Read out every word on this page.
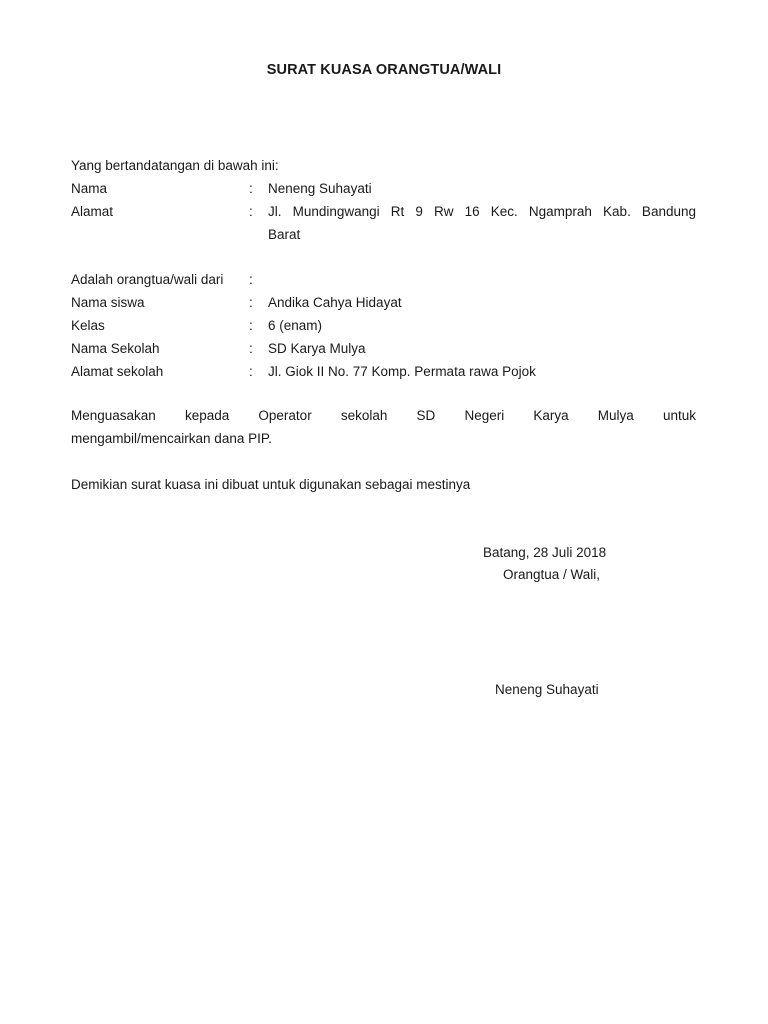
SURAT KUASA ORANGTUA/WALI
Yang bertandatangan di bawah ini:
Nama	: Neneng Suhayati
Alamat	: Jl. Mundingwangi Rt 9 Rw 16 Kec. Ngamprah Kab. Bandung
Barat
Adalah orangtua/wali dari :
Nama siswa	: Andika Cahya Hidayat
Kelas	: 6 (enam)
Nama Sekolah	: SD Karya Mulya
Alamat sekolah	: Jl. Giok II No. 77 Komp. Permata rawa Pojok
Menguasakan kepada Operator sekolah SD Negeri Karya Mulya untuk
mengambil/mencairkan dana PIP.
Demikian surat kuasa ini dibuat untuk digunakan sebagai mestinya
Batang, 28 Juli 2018
Orangtua / Wali,
Neneng Suhayati
